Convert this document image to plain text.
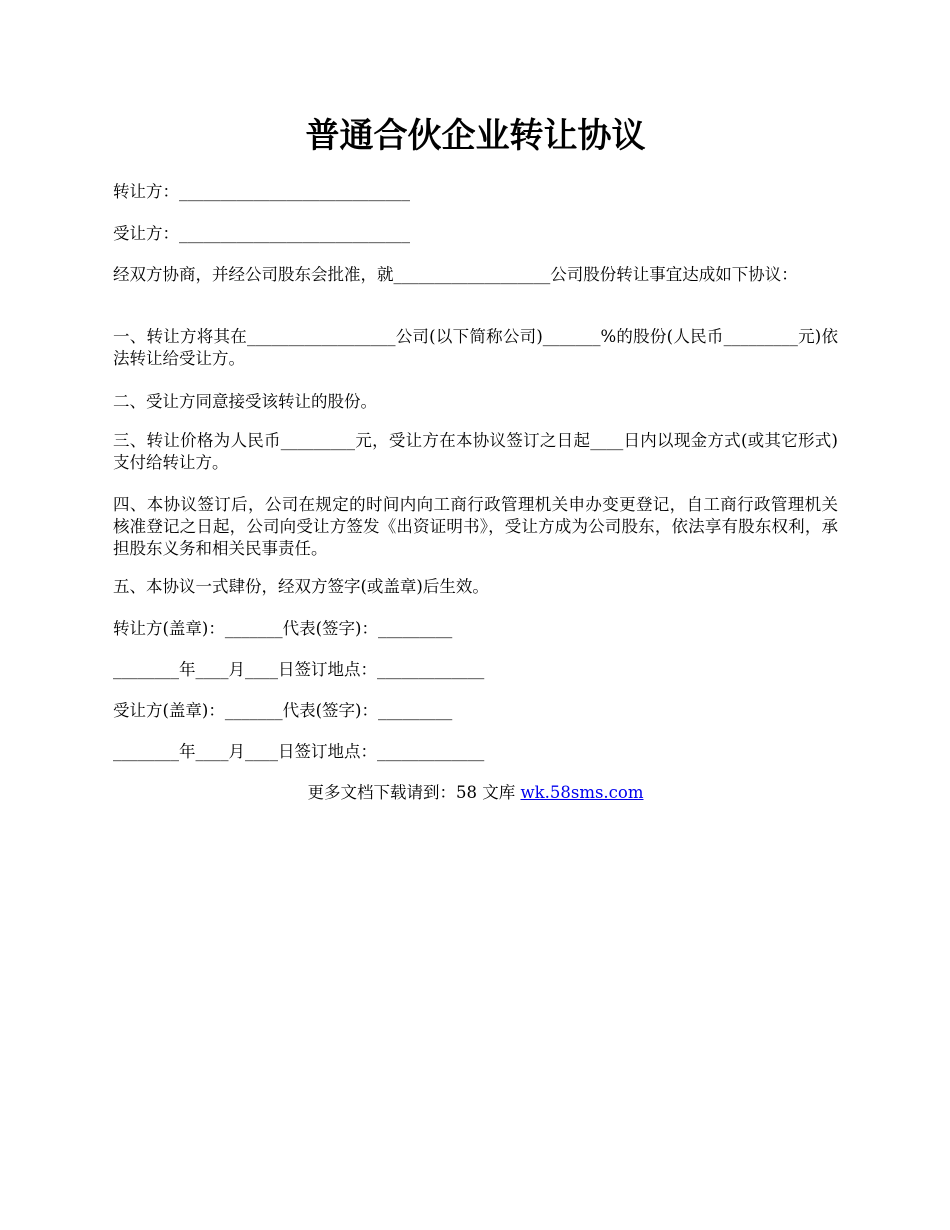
普通合伙企业转让协议

转让方：____________________________

受让方：____________________________

经双方协商，并经公司股东会批准，就___________________公司股份转让事宜达成如下协议：

一、转让方将其在__________________公司(以下简称公司)_______%的股份(人民币_________元)依法转让给受让方。

二、受让方同意接受该转让的股份。

三、转让价格为人民币_________元，受让方在本协议签订之日起____日内以现金方式(或其它形式)支付给转让方。

四、本协议签订后，公司在规定的时间内向工商行政管理机关申办变更登记，自工商行政管理机关核准登记之日起，公司向受让方签发《出资证明书》，受让方成为公司股东，依法享有股东权利，承担股东义务和相关民事责任。

五、本协议一式肆份，经双方签字(或盖章)后生效。

转让方(盖章)：_______代表(签字)：_________

________年____月____日签订地点：_____________

受让方(盖章)：_______代表(签字)：_________

________年____月____日签订地点：_____________

更多文档下载请到：58 文库 wk.58sms.com
